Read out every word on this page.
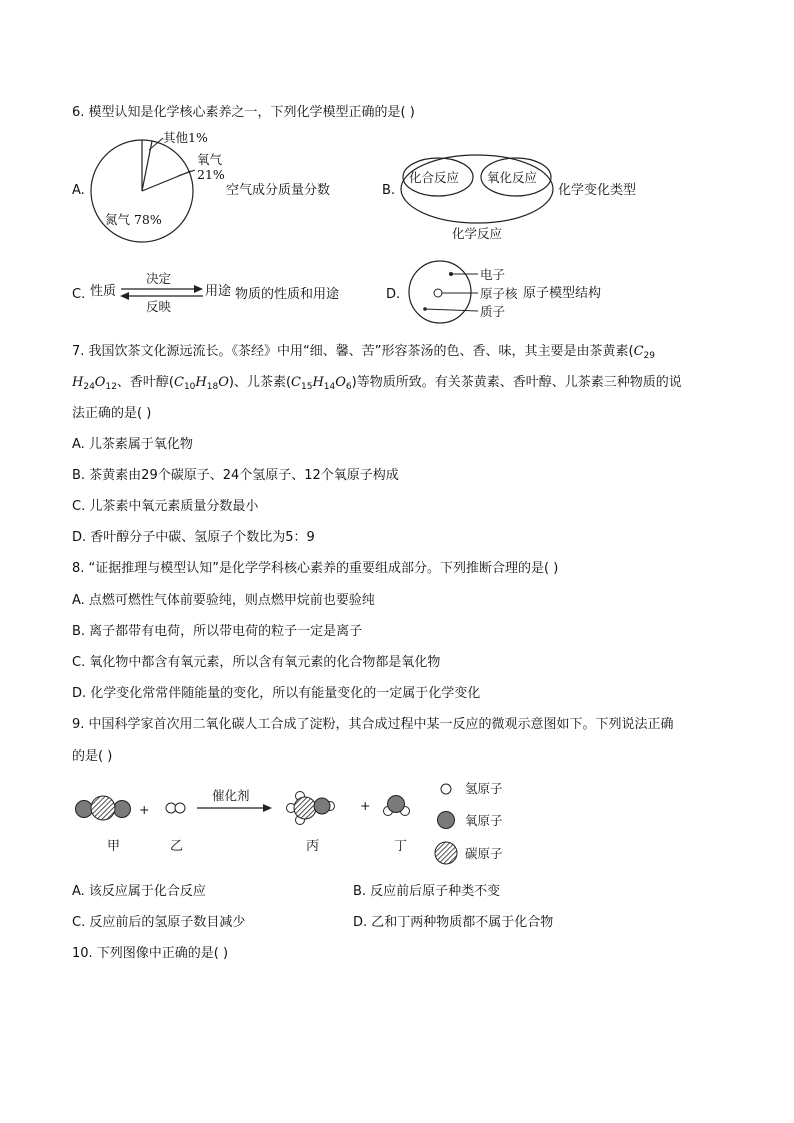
6. 模型认知是化学核心素养之一，下列化学模型正确的是( )
A.
其他1%
氧气
21%
氮气 78%
空气成分质量分数	B.
化合反应 氧化反应
化学反应
化学变化类型
C. 性质
决定
反映
用途 物质的性质和用途	D.
电子
原子核 原子模型结构
质子
7. 我国饮茶文化源远流长。《茶经》中用“细、馨、苦”形容茶汤的色、香、味，其主要是由茶黄素($C_{29}$
$H_{24}O_{12}$、香叶醇$(C_{10}H_{18}O)$、儿茶素$(C_{15}H_{14}O_6)$等物质所致。有关茶黄素、香叶醇、儿茶素三种物质的说
法正确的是( )
A. 儿茶素属于氧化物
B. 茶黄素由29个碳原子、24个氢原子、12个氧原子构成
C. 儿茶素中氧元素质量分数最小
D. 香叶醇分子中碳、氢原子个数比为5：9
8. “证据推理与模型认知”是化学学科核心素养的重要组成部分。下列推断合理的是( )
A. 点燃可燃性气体前要验纯，则点燃甲烷前也要验纯
B. 离子都带有电荷，所以带电荷的粒子一定是离子
C. 氧化物中都含有氧元素，所以含有氧元素的化合物都是氧化物
D. 化学变化常常伴随能量的变化，所以有能量变化的一定属于化学变化
9. 中国科学家首次用二氧化碳人工合成了淀粉，其合成过程中某一反应的微观示意图如下。下列说法正确
的是( )
催化剂
+	+
甲	乙	丙	丁
氢原子
氧原子
碳原子
A. 该反应属于化合反应	B. 反应前后原子种类不变
C. 反应前后的氢原子数目减少	D. 乙和丁两种物质都不属于化合物
10. 下列图像中正确的是( )
